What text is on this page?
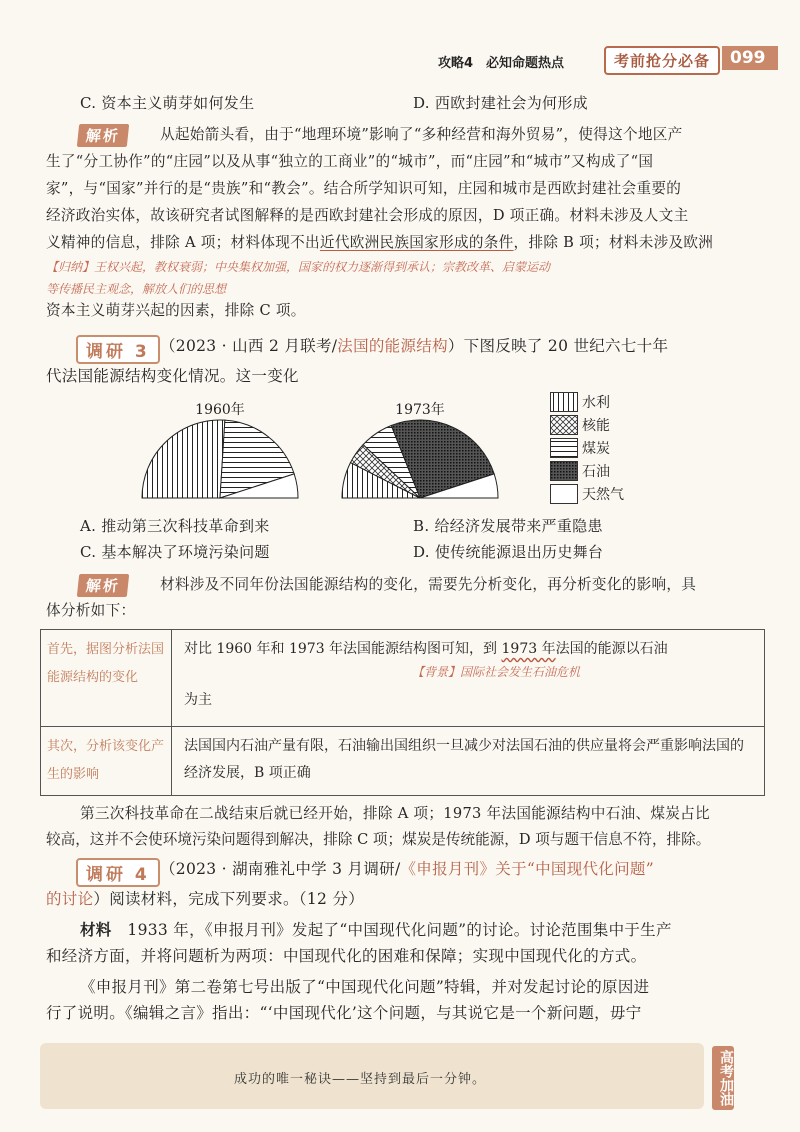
攻略4　必知命题热点	考前抢分必备	099
C. 资本主义萌芽如何发生	D. 西欧封建社会为何形成
解析	从起始箭头看，由于“地理环境”影响了“多种经营和海外贸易”，使得这个地区产
生了“分工协作”的“庄园”以及从事“独立的工商业”的“城市”，而“庄园”和“城市”又构成了“国
家”，与“国家”并行的是“贵族”和“教会”。结合所学知识可知，庄园和城市是西欧封建社会重要的
经济政治实体，故该研究者试图解释的是西欧封建社会形成的原因，D 项正确。材料未涉及人文主
义精神的信息，排除 A 项；材料体现不出近代欧洲民族国家形成的条件，排除 B 项；材料未涉及欧洲
【归纳】王权兴起，教权衰弱；中央集权加强，国家的权力逐渐得到承认；宗教改革、启蒙运动
等传播民主观念，解放人们的思想
资本主义萌芽兴起的因素，排除 C 项。
调研 3 （2023 · 山西 2 月联考/法国的能源结构）下图反映了 20 世纪六七十年
代法国能源结构变化情况。这一变化
1960年	1973年	水利
核能
煤炭
石油
天然气
A. 推动第三次科技革命到来	B. 给经济发展带来严重隐患
C. 基本解决了环境污染问题	D. 使传统能源退出历史舞台
解析	材料涉及不同年份法国能源结构的变化，需要先分析变化，再分析变化的影响，具
体分析如下：
首先，据图分析法国能源结构的变化	对比 1960 年和 1973 年法国能源结构图可知，到 1973 年法国的能源以石油
【背景】国际社会发生石油危机
为主

其次，分析该变化产生的影响	法国国内石油产量有限，石油输出国组织一旦减少对法国石油的供应量将会严重影响法国的经济发展，B 项正确
第三次科技革命在二战结束后就已经开始，排除 A 项；1973 年法国能源结构中石油、煤炭占比
较高，这并不会使环境污染问题得到解决，排除 C 项；煤炭是传统能源，D 项与题干信息不符，排除。
调研 4 （2023 · 湖南雅礼中学 3 月调研/《申报月刊》关于“中国现代化问题”
的讨论）阅读材料，完成下列要求。（12 分）
材料　1933 年，《申报月刊》发起了“中国现代化问题”的讨论。讨论范围集中于生产
和经济方面，并将问题析为两项：中国现代化的困难和保障；实现中国现代化的方式。
《申报月刊》第二卷第七号出版了“中国现代化问题”特辑，并对发起讨论的原因进
行了说明。《编辑之言》指出：“‘中国现代化’这个问题，与其说它是一个新问题，毋宁
成功的唯一秘诀——坚持到最后一分钟。	高考加油
